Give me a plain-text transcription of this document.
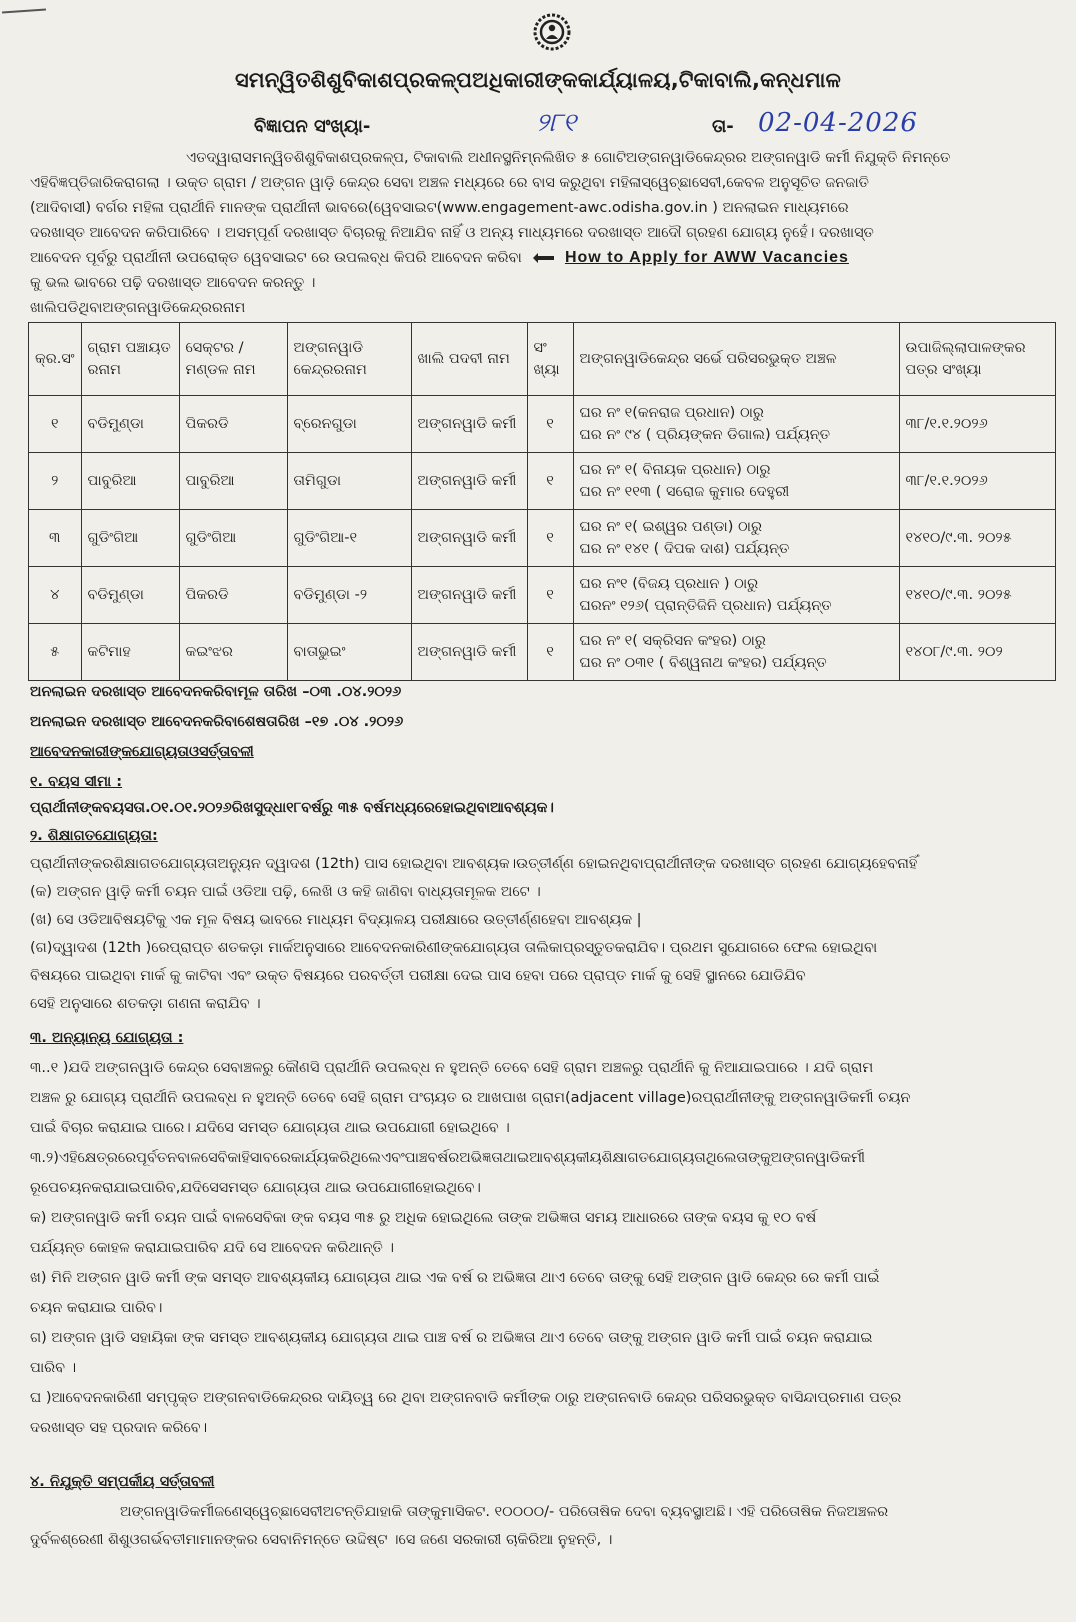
ସମନ୍ୱିତଶିଶୁବିକାଶପ୍ରକଳ୍ପଅଧିକାରୀଙ୍କକାର୍ଯ୍ୟାଳୟ,ଟିକାବାଲି,କନ୍ଧମାଳ
ବିଜ୍ଞାପନ ସଂଖ୍ୟା-	୨୮୧	ତା- 02-04-2026
ଏତଦ୍ୱାରାସମନ୍ୱିତଶିଶୁବିକାଶପ୍ରକଳ୍ପ, ଟିକାବାଲି ଅଧୀନସ୍ଥନିମ୍ନଲିଖିତ ୫ ଗୋଟିଅଙ୍ଗନୱାଡିକେନ୍ଦ୍ରର ଅଙ୍ଗନୱାଡି କର୍ମୀ ନିଯୁକ୍ତି ନିମନ୍ତେ
ଏହିବିଜ୍ଞପ୍ତିଜାରିକରାଗଲା । ଉକ୍ତ ଗ୍ରାମ / ଅଙ୍ଗନ ୱାଡ଼ି କେନ୍ଦ୍ର ସେବା ଅଞ୍ଚଳ ମଧ୍ୟରେ ରେ ବାସ କରୁଥିବା ମହିଳାସ୍ୱେଚ୍ଛାସେବୀ,କେବଳ ଅନୁସୂଚିତ ଜନଜାତି
(ଆଦିବାସୀ) ବର୍ଗର ମହିଳା ପ୍ରାର୍ଥୀନି ମାନଙ୍କ ପ୍ରାର୍ଥୀନୀ ଭାବରେ(ୱେବସାଇଟ(www.engagement-awc.odisha.gov.in ) ଅନଲାଇନ ମାଧ୍ୟମରେ
ଦରଖାସ୍ତ ଆବେଦନ କରିପାରିବେ । ଅସମ୍ପୂର୍ଣ ଦରଖାସ୍ତ ବିଚାରକୁ ନିଆଯିବ ନାହିଁ ଓ ଅନ୍ୟ ମାଧ୍ୟମରେ ଦରଖାସ୍ତ ଆଦୌ ଗ୍ରହଣ ଯୋଗ୍ୟ ନୁହେଁ। ଦରଖାସ୍ତ
ଆବେଦନ ପୂର୍ବରୁ ପ୍ରାର୍ଥୀନୀ ଉପରୋକ୍ତ ୱେବସାଇଟ ରେ ଉପଲବ୍ଧ କିପରି ଆବେଦନ କରିବା	How to Apply for AWW Vacancies
କୁ ଭଲ ଭାବରେ ପଢ଼ି ଦରଖାସ୍ତ ଆବେଦନ କରନ୍ତୁ ।
ଖାଲିପଡିଥିବାଅଙ୍ଗନୱାଡିକେନ୍ଦ୍ରରନାମ
କ୍ର.ସଂ	ଗ୍ରାମ ପଞ୍ଚାୟତ ରନାମ	ସେକ୍ଟର / ମଣ୍ଡଳ ନାମ	ଅଙ୍ଗନୱାଡି କେନ୍ଦ୍ରରନାମ	ଖାଲି ପଦବୀ ନାମ	ସଂ ଖ୍ୟା	ଅଙ୍ଗନୱାଡିକେନ୍ଦ୍ର ସର୍ଭେ ପରିସରଭୁକ୍ତ ଅଞ୍ଚଳ	ଉପାଜିଲ୍ଲାପାଳଙ୍କର ପତ୍ର ସଂଖ୍ୟା
୧	ବଡିମୁଣ୍ଡା	ପିକରଡି	ବ୍ରେନଗୁଡା	ଅଙ୍ଗନୱାଡି କର୍ମୀ	୧	ଘର ନଂ ୧(କନରାଜ ପ୍ରଧାନ) ଠାରୁ
ଘର ନଂ ୯୪ ( ପ୍ରିୟଙ୍କନ ଡିଗାଲ) ପର୍ଯ୍ୟନ୍ତ	୩୮/୧.୧.୨୦୨୬
୨	ପାବୁରିଆ	ପାବୁରିଆ	ତାମିଗୁଡା	ଅଙ୍ଗନୱାଡି କର୍ମୀ	୧	ଘର ନଂ ୧( ବିନାୟକ ପ୍ରଧାନ) ଠାରୁ
ଘର ନଂ ୧୧୩ ( ସରୋଜ କୁମାର ଦେହୁରୀ	୩୮/୧.୧.୨୦୨୬
୩	ଗୁଡିଂଗିଆ	ଗୁଡିଂଗିଆ	ଗୁଡିଂଗିଆ-୧	ଅଙ୍ଗନୱାଡି କର୍ମୀ	୧	ଘର ନଂ ୧( ଇଶ୍ୱର ପଣ୍ଡା) ଠାରୁ
ଘର ନଂ ୧୪୧ ( ଦିପକ ଦାଶ) ପର୍ଯ୍ୟନ୍ତ	୧୪୧୦/୯.୩. ୨୦୨୫
୪	ବଡିମୁଣ୍ଡା	ପିକରଡି	ବଡିମୁଣ୍ଡା -୨	ଅଙ୍ଗନୱାଡି କର୍ମୀ	୧	ଘର ନଂ୧ (ବିଜୟ ପ୍ରଧାନ ) ଠାରୁ
ଘରନଂ ୧୨୬( ପ୍ରାନ୍ତିଜିନି ପ୍ରଧାନ) ପର୍ଯ୍ୟନ୍ତ	୧୪୧୦/୯.୩. ୨୦୨୫
୫	କଟିମାହ	କଇଂଝର	ବାତାଭୁଇଂ	ଅଙ୍ଗନୱାଡି କର୍ମୀ	୧	ଘର ନଂ ୧( ସକ୍ରିସନ କଂହର) ଠାରୁ
ଘର ନଂ ୦୩୧ ( ବିଶ୍ୱନାଥ କଂହର) ପର୍ଯ୍ୟନ୍ତ	୧୪୦୮/୯.୩. ୨୦୨
ଅନଲାଇନ ଦରଖାସ୍ତ ଆବେଦନକରିବାମୂଳ ତାରିଖ –୦୩ .୦୪.୨୦୨୬
ଅନଲାଇନ ଦରଖାସ୍ତ ଆବେଦନକରିବାଶେଷତାରିଖ –୧୭ .୦୪ .୨୦୨୬
ଆବେଦନକାରୀଙ୍କଯୋଗ୍ୟତାଓସର୍ତ୍ତାବଳୀ
୧. ବୟସ ସୀମା :
ପ୍ରାର୍ଥୀନୀଙ୍କବୟସତା.୦୧.୦୧.୨୦୨୬ରିଖସୁଦ୍ଧା୧୮ବର୍ଷରୁ ୩୫ ବର୍ଷମଧ୍ୟରେହୋଇଥିବାଆବଶ୍ୟକ।
୨. ଶିକ୍ଷାଗତଯୋଗ୍ୟତା:
ପ୍ରାର୍ଥୀନୀଙ୍କରଶିକ୍ଷାଗତଯୋଗ୍ୟତାଅନ୍ୟୁନ ଦ୍ୱାଦଶ (12th) ପାସ ହୋଇଥିବା ଆବଶ୍ୟକ।ଉତ୍ତୀର୍ଣ୍ଣ ହୋଇନଥିବାପ୍ରାର୍ଥୀନୀଙ୍କ ଦରଖାସ୍ତ ଗ୍ରହଣ ଯୋଗ୍ୟହେବନାହିଁ
(କ) ଅଙ୍ଗନ ୱାଡ଼ି କର୍ମୀ ଚୟନ ପାଇଁ ଓଡିଆ ପଢ଼ି, ଲେଖି ଓ କହି ଜାଣିବା ବାଧ୍ୟତାମୂଳକ ଅଟେ ।
(ଖ) ସେ ଓଡିଆବିଷୟଟିକୁ ଏକ ମୂଳ ବିଷୟ ଭାବରେ ମାଧ୍ୟମ ବିଦ୍ୟାଳୟ ପରୀକ୍ଷାରେ ଉତ୍ତୀର୍ଣ୍ଣହେବା ଆବଶ୍ୟକ |
(ଗ)ଦ୍ୱାଦଶ (12th )ରେପ୍ରାପ୍ତ ଶତକଡ଼ା ମାର୍କଅନୁସାରେ ଆବେଦନକାରିଣୀଙ୍କଯୋଗ୍ୟତା ତାଲିକାପ୍ରସ୍ତୁତକରାଯିବ। ପ୍ରଥମ ସୁଯୋଗରେ ଫେଲ ହୋଇଥିବା
ବିଷୟରେ ପାଇଥିବା ମାର୍କ କୁ କାଟିବା ଏବଂ ଉକ୍ତ ବିଷୟରେ ପରବର୍ତ୍ତୀ ପରୀକ୍ଷା ଦେଇ ପାସ ହେବା ପରେ ପ୍ରାପ୍ତ ମାର୍କ କୁ ସେହି ସ୍ଥାନରେ ଯୋଡିଯିବ
ସେହି ଅନୁସାରେ ଶତକଡ଼ା ଗଣନା କରାଯିବ ।
୩. ଅନ୍ୟାନ୍ୟ ଯୋଗ୍ୟତା :
୩..୧ )ଯଦି ଅଙ୍ଗନୱାଡି କେନ୍ଦ୍ର ସେବାଞ୍ଚଳରୁ କୌଣସି ପ୍ରାର୍ଥୀନି ଉପଲବ୍ଧ ନ ହୁଅନ୍ତି ତେବେ ସେହି ଗ୍ରାମ ଅଞ୍ଚଳରୁ ପ୍ରାର୍ଥୀନି କୁ ନିଆଯାଇପାରେ । ଯଦି ଗ୍ରାମ
ଅଞ୍ଚଳ ରୁ ଯୋଗ୍ୟ ପ୍ରାର୍ଥୀନି ଉପଲବ୍ଧ ନ ହୁଅନ୍ତି ତେବେ ସେହି ଗ୍ରାମ ପଂଚାୟତ ର ଆଖପାଖ ଗ୍ରାମ(adjacent village)ରପ୍ରାର୍ଥୀନୀଙ୍କୁ ଅଙ୍ଗନୱାଡିକର୍ମୀ ଚୟନ
ପାଇଁ ବିଚାର କରାଯାଇ ପାରେ। ଯଦିସେ ସମସ୍ତ ଯୋଗ୍ୟତା ଥାଇ ଉପଯୋଗୀ ହୋଇଥିବେ ।
୩.୨)ଏହିକ୍ଷେତ୍ରରେପୂର୍ବତନବାଳସେବିକାହିସାବରେକାର୍ଯ୍ୟକରିଥିଲେଏବଂପାଞ୍ଚବର୍ଷରଅଭିଜ୍ଞତାଥାଇଆବଶ୍ୟକୀୟଶିକ୍ଷାଗତଯୋଗ୍ୟତାଥିଲେତାଙ୍କୁଅଙ୍ଗନୱାଡିକର୍ମୀ
ରୂପେଚୟନକରାଯାଇପାରିବ,ଯଦିସେସମସ୍ତ ଯୋଗ୍ୟତା ଥାଇ ଉପଯୋଗୀହୋଇଥିବେ।
କ) ଅଙ୍ଗନୱାଡି କର୍ମୀ ଚୟନ ପାଇଁ ବାଳସେବିକା ଙ୍କ ବୟସ ୩୫ ରୁ ଅଧିକ ହୋଇଥିଲେ ତାଙ୍କ ଅଭିଜ୍ଞତା ସମୟ ଆଧାରରେ ତାଙ୍କ ବୟସ କୁ ୧୦ ବର୍ଷ
ପର୍ଯ୍ୟନ୍ତ କୋହଳ କରାଯାଇପାରିବ ଯଦି ସେ ଆବେଦନ କରିଥାନ୍ତି ।
ଖ) ମିନି ଅଙ୍ଗନ ୱାଡି କର୍ମୀ ଙ୍କ ସମସ୍ତ ଆବଶ୍ୟକୀୟ ଯୋଗ୍ୟତା ଥାଇ ଏକ ବର୍ଷ ର ଅଭିଜ୍ଞତା ଥାଏ ତେବେ ତାଙ୍କୁ ସେହି ଅଙ୍ଗନ ୱାଡି କେନ୍ଦ୍ର ରେ କର୍ମୀ ପାଇଁ
ଚୟନ କରାଯାଇ ପାରିବ।
ଗ) ଅଙ୍ଗନ ୱାଡି ସହାୟିକା ଙ୍କ ସମସ୍ତ ଆବଶ୍ୟକୀୟ ଯୋଗ୍ୟତା ଥାଇ ପାଞ୍ଚ ବର୍ଷ ର ଅଭିଜ୍ଞତା ଥାଏ ତେବେ ତାଙ୍କୁ ଅଙ୍ଗନ ୱାଡି କର୍ମୀ ପାଇଁ ଚୟନ କରାଯାଇ
ପାରିବ ।
ଘ )ଆବେଦନକାରିଣୀ ସମ୍ପୃକ୍ତ ଅଙ୍ଗନବାଡିକେନ୍ଦ୍ରର ଦାୟିତ୍ୱ ରେ ଥିବା ଅଙ୍ଗନବାଡି କର୍ମୀଙ୍କ ଠାରୁ ଅଙ୍ଗନବାଡି କେନ୍ଦ୍ର ପରିସରଭୁକ୍ତ ବାସିନ୍ଦାପ୍ରମାଣ ପତ୍ର
ଦରଖାସ୍ତ ସହ ପ୍ରଦାନ କରିବେ।
୪. ନିଯୁକ୍ତି ସମ୍ପର୍କୀୟ ସର୍ତ୍ତାବଳୀ
ଅଙ୍ଗନୱାଡିକର୍ମୀଜଣେସ୍ୱେଚ୍ଛାସେବୀଅଟନ୍ତିଯାହାକି ତାଙ୍କୁମାସିକଟ. ୧୦୦୦୦/- ପରିତୋଷିକ ଦେବା ବ୍ୟବସ୍ଥାଅଛି। ଏହି ପରିତୋଷିକ ନିଜଅଞ୍ଚଳର
ଦୁର୍ବଳଶ୍ରେଣୀ ଶିଶୁଓଗର୍ଭବତୀମାମାନଙ୍କର ସେବାନିମନ୍ତେ ଉଦ୍ଦିଷ୍ଟ ।ସେ ଜଣେ ସରକାରୀ ଚାକିରିଆ ନୁହନ୍ତି, ।
